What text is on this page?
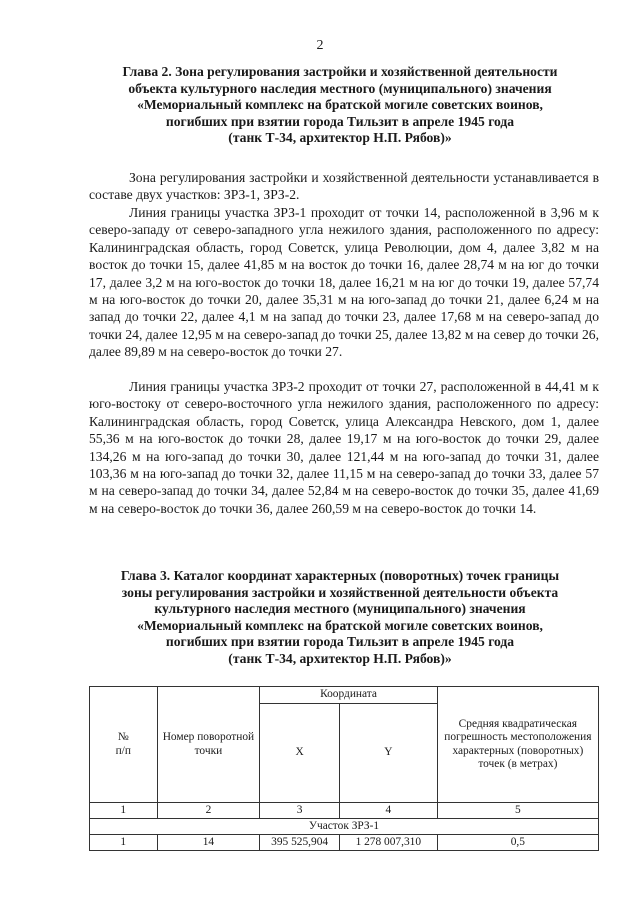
2
Глава 2. Зона регулирования застройки и хозяйственной деятельности
объекта культурного наследия местного (муниципального) значения
«Мемориальный комплекс на братской могиле советских воинов,
погибших при взятии города Тильзит в апреле 1945 года
(танк Т-34, архитектор Н.П. Рябов)»
Зона регулирования застройки и хозяйственной деятельности устанавливается в составе двух участков: ЗРЗ-1, ЗРЗ-2.
Линия границы участка ЗРЗ-1 проходит от точки 14, расположенной в 3,96 м к северо-западу от северо-западного угла нежилого здания, расположенного по адресу: Калининградская область, город Советск, улица Революции, дом 4, далее 3,82 м на восток до точки 15, далее 41,85 м на восток до точки 16, далее 28,74 м на юг до точки 17, далее 3,2 м на юго-восток до точки 18, далее 16,21 м на юг до точки 19, далее 57,74 м на юго-восток до точки 20, далее 35,31 м на юго-запад до точки 21, далее 6,24 м на запад до точки 22, далее 4,1 м на запад до точки 23, далее 17,68 м на северо-запад до точки 24, далее 12,95 м на северо-запад до точки 25, далее 13,82 м на север до точки 26, далее 89,89 м на северо-восток до точки 27.
Линия границы участка ЗРЗ-2 проходит от точки 27, расположенной в 44,41 м к юго-востоку от северо-восточного угла нежилого здания, расположенного по адресу: Калининградская область, город Советск, улица Александра Невского, дом 1, далее 55,36 м на юго-восток до точки 28, далее 19,17 м на юго-восток до точки 29, далее 134,26 м на юго-запад до точки 30, далее 121,44 м на юго-запад до точки 31, далее 103,36 м на юго-запад до точки 32, далее 11,15 м на северо-запад до точки 33, далее 57 м на северо-запад до точки 34, далее 52,84 м на северо-восток до точки 35, далее 41,69 м на северо-восток до точки 36, далее 260,59 м на северо-восток до точки 14.
Глава 3. Каталог координат характерных (поворотных) точек границы
зоны регулирования застройки и хозяйственной деятельности объекта
культурного наследия местного (муниципального) значения
«Мемориальный комплекс на братской могиле советских воинов,
погибших при взятии города Тильзит в апреле 1945 года
(танк Т-34, архитектор Н.П. Рябов)»
№
п/п	Номер поворотной точки	Координата		Средняя квадратическая погрешность местоположения характерных (поворотных) точек (в метрах)
		X	Y	
1	2	3	4	5
Участок ЗРЗ-1				
1	14	395 525,904	1 278 007,310	0,5
